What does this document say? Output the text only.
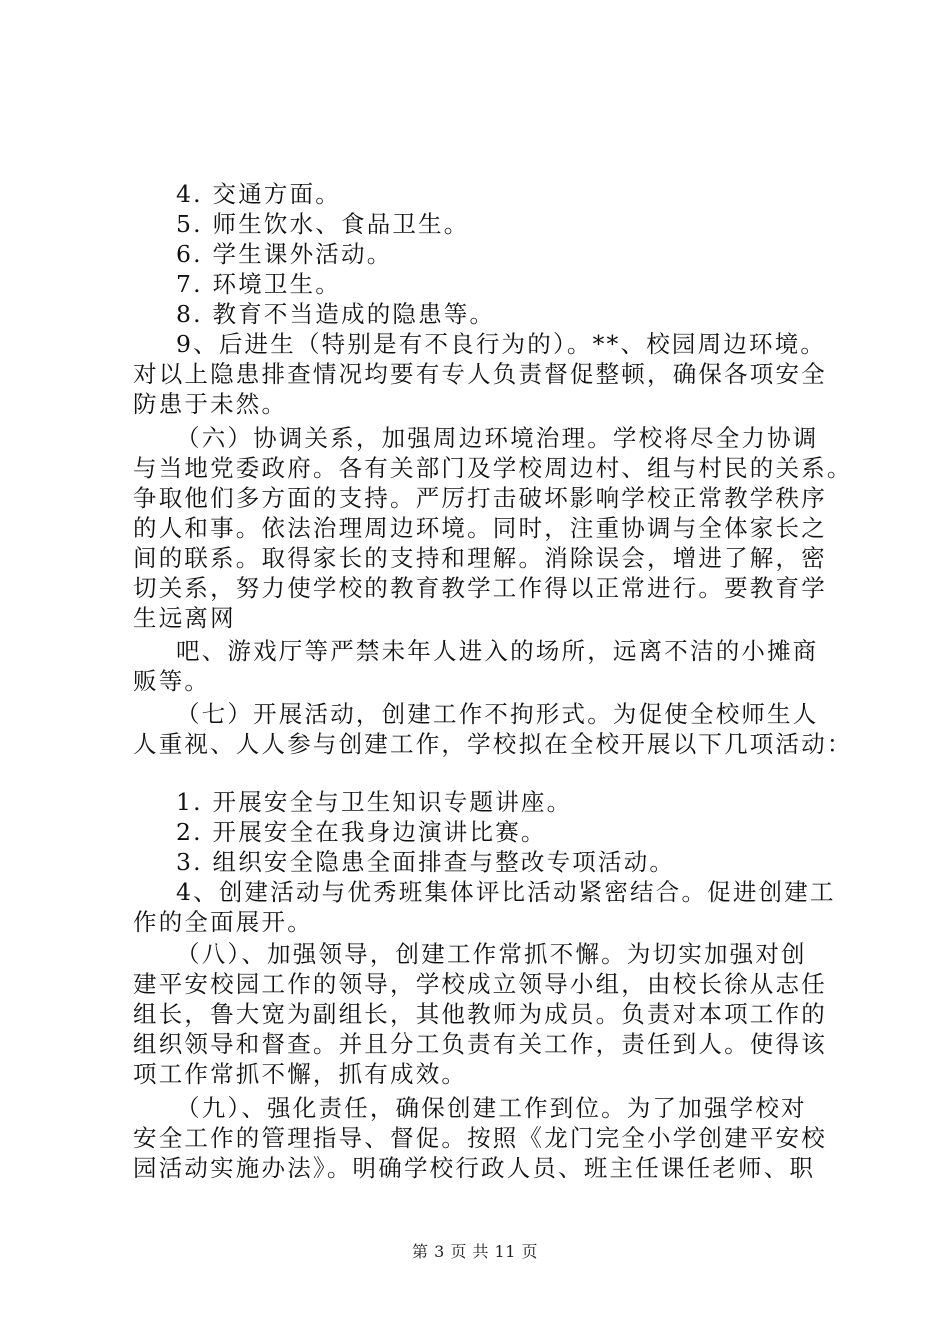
4. 交通方面。
5. 师生饮水、食品卫生。
6. 学生课外活动。
7. 环境卫生。
8. 教育不当造成的隐患等。
9、后进生（特别是有不良行为的）。**、校园周边环境。
对以上隐患排查情况均要有专人负责督促整顿，确保各项安全
防患于未然。
（六）协调关系，加强周边环境治理。学校将尽全力协调
与当地党委政府。各有关部门及学校周边村、组与村民的关系。
争取他们多方面的支持。严厉打击破坏影响学校正常教学秩序
的人和事。依法治理周边环境。同时，注重协调与全体家长之
间的联系。取得家长的支持和理解。消除误会，增进了解，密
切关系，努力使学校的教育教学工作得以正常进行。要教育学
生远离网
吧、游戏厅等严禁未年人进入的场所，远离不洁的小摊商
贩等。
（七）开展活动，创建工作不拘形式。为促使全校师生人
人重视、人人参与创建工作，学校拟在全校开展以下几项活动：
1. 开展安全与卫生知识专题讲座。
2. 开展安全在我身边演讲比赛。
3. 组织安全隐患全面排查与整改专项活动。
4、创建活动与优秀班集体评比活动紧密结合。促进创建工
作的全面展开。
（八）、加强领导，创建工作常抓不懈。为切实加强对创
建平安校园工作的领导，学校成立领导小组，由校长徐从志任
组长，鲁大宽为副组长，其他教师为成员。负责对本项工作的
组织领导和督查。并且分工负责有关工作，责任到人。使得该
项工作常抓不懈，抓有成效。
（九）、强化责任，确保创建工作到位。为了加强学校对
安全工作的管理指导、督促。按照《龙门完全小学创建平安校
园活动实施办法》。明确学校行政人员、班主任课任老师、职
第 3 页 共 11 页
